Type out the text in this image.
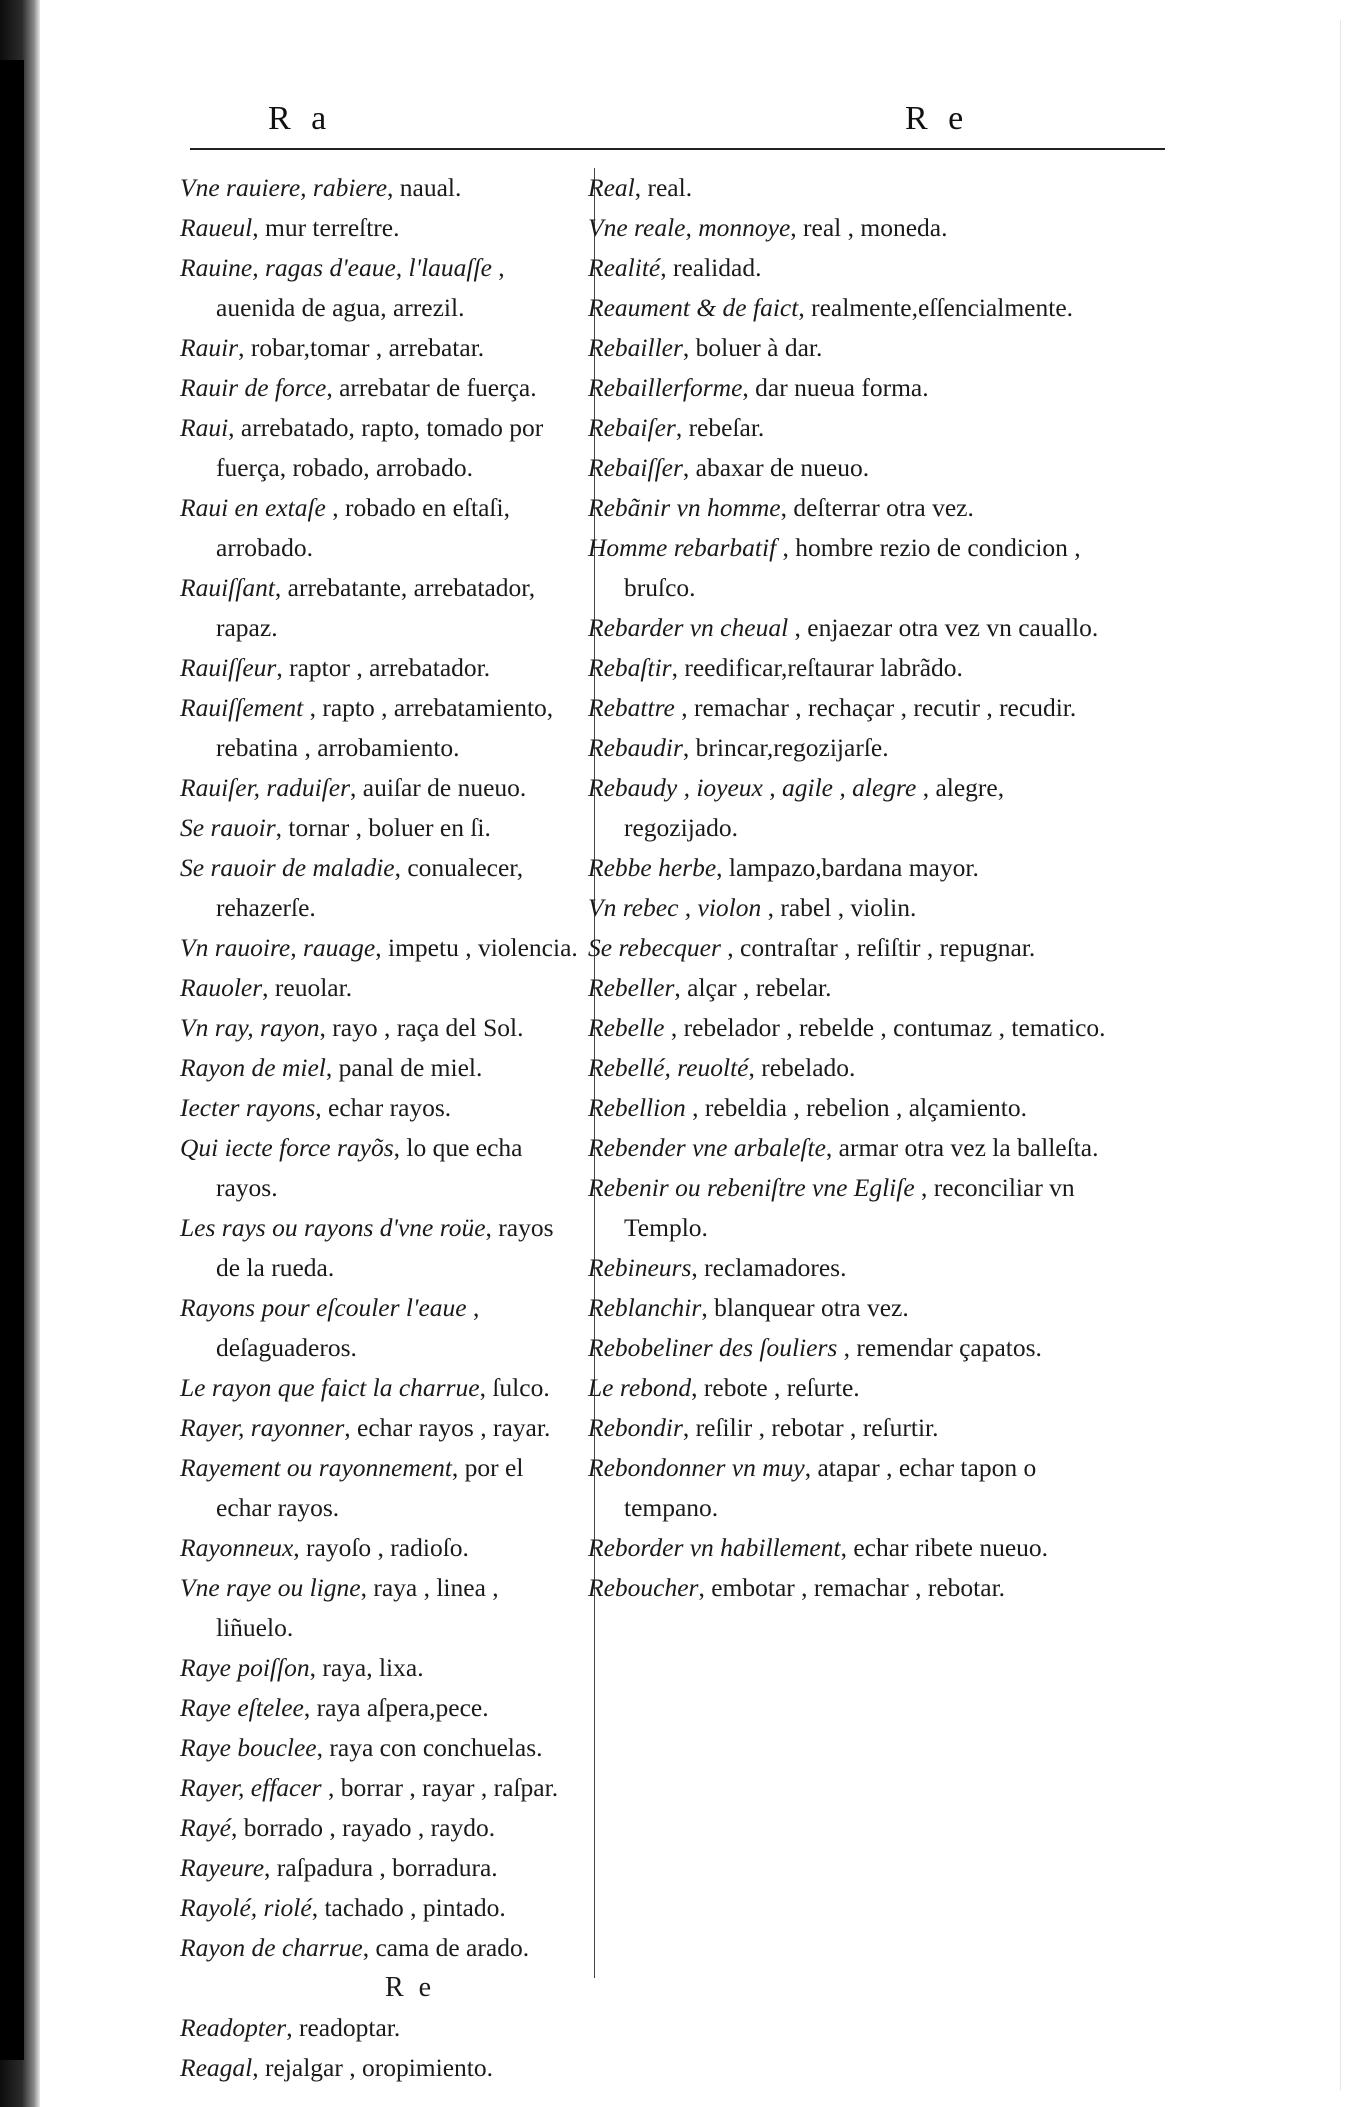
R a	R e

Vne rauiere, rabiere, naual.

Raueul, mur terreſtre.

Rauine, ragas d'eaue, l'lauaſſe , auenida de agua, arrezil.

Rauir, robar,tomar , arrebatar.

Rauir de force, arrebatar de fuerça.

Raui, arrebatado, rapto, tomado por fuerça, robado, arrobado.

Raui en extaſe , robado en eſtaſi, arrobado.

Rauiſſant, arrebatante, arrebatador, rapaz.

Rauiſſeur, raptor , arrebatador.

Rauiſſement , rapto , arrebatamiento, rebatina , arrobamiento.

Rauiſer, raduiſer, auiſar de nueuo.

Se rauoir, tornar , boluer en ſi.

Se rauoir de maladie, conualecer, rehazerſe.

Vn rauoire, rauage, impetu , violencia.

Rauoler, reuolar.

Vn ray, rayon, rayo , raça del Sol.

Rayon de miel, panal de miel.

Iecter rayons, echar rayos.

Qui iecte force rayõs, lo que echa rayos.

Les rays ou rayons d'vne roüe, rayos de la rueda.

Rayons pour eſcouler l'eaue , deſaguaderos.

Le rayon que faict la charrue, ſulco.

Rayer, rayonner, echar rayos , rayar.

Rayement ou rayonnement, por el echar rayos.

Rayonneux, rayoſo , radioſo.

Vne raye ou ligne, raya , linea , liñuelo.

Raye poiſſon, raya, lixa.

Raye eſtelee, raya aſpera,pece.

Raye bouclee, raya con conchuelas.

Rayer, effacer , borrar , rayar , raſpar.

Rayé, borrado , rayado , raydo.

Rayeure, raſpadura , borradura.

Rayolé, riolé, tachado , pintado.

Rayon de charrue, cama de arado.

R e

Readopter, readoptar.

Reagal, rejalgar , oropimiento.

Real, real.

Vne reale, monnoye, real , moneda.

Realité, realidad.

Reaument & de faict, realmente,eſſencialmente.

Rebailler, boluer à dar.

Rebaillerforme, dar nueua forma.

Rebaiſer, rebeſar.

Rebaiſſer, abaxar de nueuo.

Rebãnir vn homme, deſterrar otra vez.

Homme rebarbatif , hombre rezio de condicion , bruſco.

Rebarder vn cheual , enjaezar otra vez vn cauallo.

Rebaſtir, reedificar,reſtaurar labrãdo.

Rebattre , remachar , rechaçar , recutir , recudir.

Rebaudir, brincar,regozijarſe.

Rebaudy , ioyeux , agile , alegre , alegre, regozijado.

Rebbe herbe, lampazo,bardana mayor.

Vn rebec , violon , rabel , violin.

Se rebecquer , contraſtar , reſiſtir , repugnar.

Rebeller, alçar , rebelar.

Rebelle , rebelador , rebelde , contumaz , tematico.

Rebellé, reuolté, rebelado.

Rebellion , rebeldia , rebelion , alçamiento.

Rebender vne arbaleſte, armar otra vez la balleſta.

Rebenir ou rebeniſtre vne Egliſe , reconciliar vn Templo.

Rebineurs, reclamadores.

Reblanchir, blanquear otra vez.

Rebobeliner des ſouliers , remendar çapatos.

Le rebond, rebote , reſurte.

Rebondir, reſilir , rebotar , reſurtir.

Rebondonner vn muy, atapar , echar tapon o tempano.

Reborder vn habillement, echar ribete nueuo.

Reboucher, embotar , remachar , rebotar.
